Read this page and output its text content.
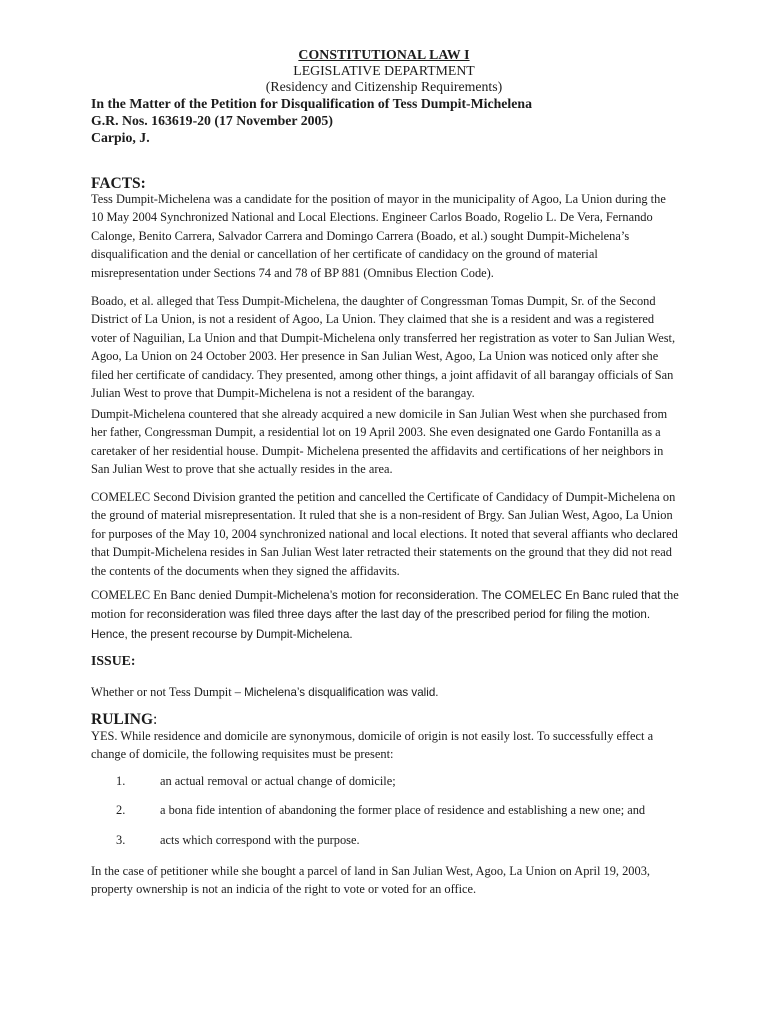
CONSTITUTIONAL LAW I
LEGISLATIVE DEPARTMENT
(Residency and Citizenship Requirements)
In the Matter of the Petition for Disqualification of Tess Dumpit-Michelena
G.R. Nos. 163619-20 (17 November 2005)
Carpio, J.
FACTS:

Tess Dumpit-Michelena was a candidate for the position of mayor in the municipality of Agoo, La Union during the 10 May 2004 Synchronized National and Local Elections. Engineer Carlos Boado, Rogelio L. De Vera, Fernando Calonge, Benito Carrera, Salvador Carrera and Domingo Carrera (Boado, et al.) sought Dumpit-Michelena’s disqualification and the denial or cancellation of her certificate of candidacy on the ground of material misrepresentation under Sections 74 and 78 of BP 881 (Omnibus Election Code).

Boado, et al. alleged that Tess Dumpit-Michelena, the daughter of Congressman Tomas Dumpit, Sr. of the Second District of La Union, is not a resident of Agoo, La Union. They claimed that she is a resident and was a registered voter of Naguilian, La Union and that Dumpit-Michelena only transferred her registration as voter to San Julian West, Agoo, La Union on 24 October 2003. Her presence in San Julian West, Agoo, La Union was noticed only after she filed her certificate of candidacy. They presented, among other things, a joint affidavit of all barangay officials of San Julian West to prove that Dumpit-Michelena is not a resident of the barangay.

Dumpit-Michelena countered that she already acquired a new domicile in San Julian West when she purchased from her father, Congressman Dumpit, a residential lot on 19 April 2003. She even designated one Gardo Fontanilla as a caretaker of her residential house. Dumpit- Michelena presented the affidavits and certifications of her neighbors in San Julian West to prove that she actually resides in the area.

COMELEC Second Division granted the petition and cancelled the Certificate of Candidacy of Dumpit-Michelena on the ground of material misrepresentation. It ruled that she is a non-resident of Brgy. San Julian West, Agoo, La Union for purposes of the May 10, 2004 synchronized national and local elections. It noted that several affiants who declared that Dumpit-Michelena resides in San Julian West later retracted their statements on the ground that they did not read the contents of the documents when they signed the affidavits.

COMELEC En Banc denied Dumpit-Michelena’s motion for reconsideration. The COMELEC En Banc ruled that the motion for reconsideration was filed three days after the last day of the prescribed period for filing the motion. Hence, the present recourse by Dumpit-Michelena.

ISSUE:

Whether or not Tess Dumpit – Michelena’s disqualification was valid.

RULING:

YES. While residence and domicile are synonymous, domicile of origin is not easily lost. To successfully effect a change of domicile, the following requisites must be present:

1.	an actual removal or actual change of domicile;
2.	a bona fide intention of abandoning the former place of residence and establishing a new one; and
3.	acts which correspond with the purpose.

In the case of petitioner while she bought a parcel of land in San Julian West, Agoo, La Union on April 19, 2003, property ownership is not an indicia of the right to vote or voted for an office.
